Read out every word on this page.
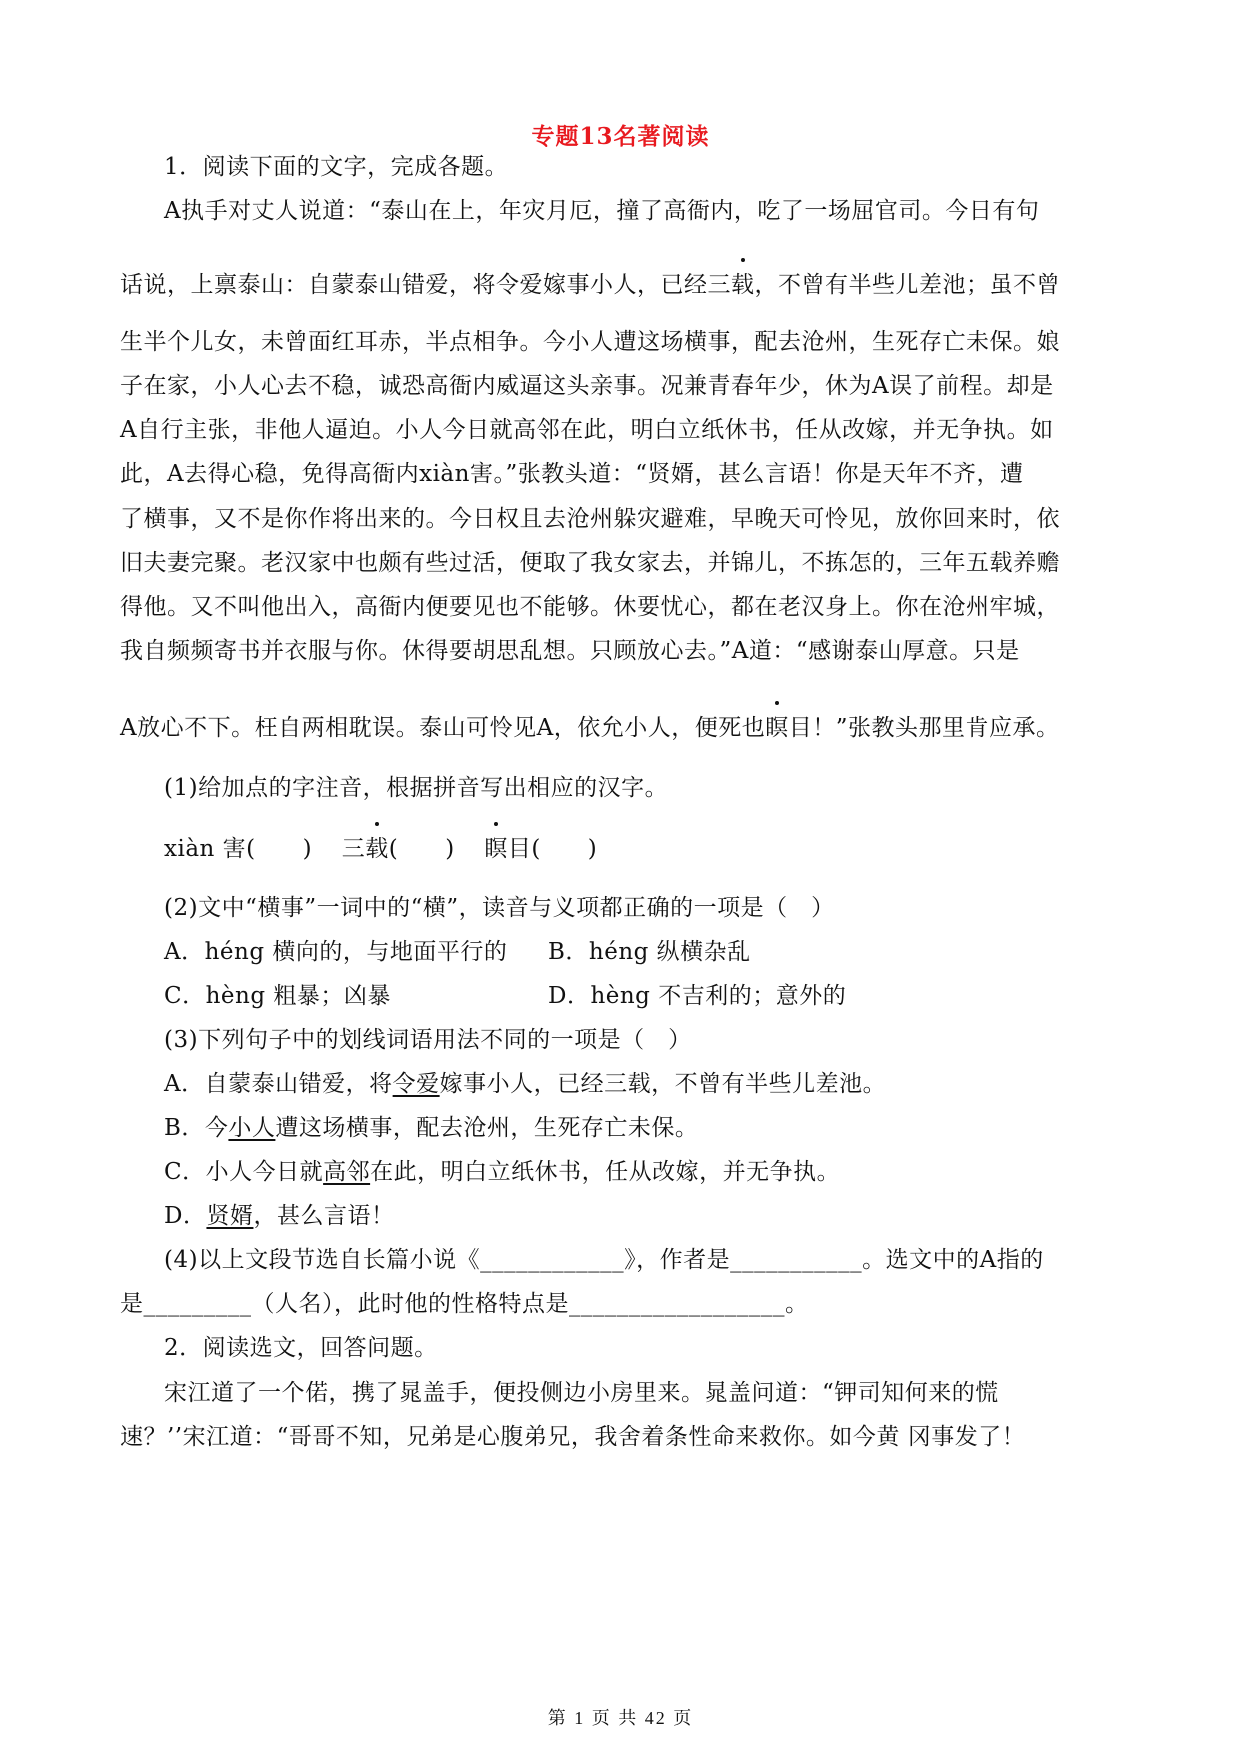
专题13名著阅读
1．阅读下面的文字，完成各题。
A执手对丈人说道：“泰山在上，年灾月厄，撞了高衙内，吃了一场屈官司。今日有句
话说，上禀泰山：自蒙泰山错爱，将令爱嫁事小人，已经三载，不曾有半些儿差池；虽不曾
生半个儿女，未曾面红耳赤，半点相争。今小人遭这场横事，配去沧州，生死存亡未保。娘
子在家，小人心去不稳，诚恐高衙内威逼这头亲事。况兼青春年少，休为A误了前程。却是
A自行主张，非他人逼迫。小人今日就高邻在此，明白立纸休书，任从改嫁，并无争执。如
此，A去得心稳，免得高衙内xiàn害。”张教头道：“贤婿，甚么言语！你是天年不齐，遭
了横事，又不是你作将出来的。今日权且去沧州躲灾避难，早晚天可怜见，放你回来时，依
旧夫妻完聚。老汉家中也颇有些过活，便取了我女家去，并锦儿，不拣怎的，三年五载养赡
得他。又不叫他出入，高衙内便要见也不能够。休要忧心，都在老汉身上。你在沧州牢城，
我自频频寄书并衣服与你。休得要胡思乱想。只顾放心去。”A道：“感谢泰山厚意。只是
A放心不下。枉自两相耽误。泰山可怜见A，依允小人，便死也瞑目！”张教头那里肯应承。
(1)给加点的字注音，根据拼音写出相应的汉字。
xiàn 害(　　) 三载(　　) 瞑目(　　)
(2)文中“横事”一词中的“横”，读音与义项都正确的一项是（　）
A．héng 横向的，与地面平行的 B．héng 纵横杂乱
C．hèng 粗暴；凶暴	D．hèng 不吉利的；意外的
(3)下列句子中的划线词语用法不同的一项是（　）
A．自蒙泰山错爱，将令爱嫁事小人，已经三载，不曾有半些儿差池。
B．今小人遭这场横事，配去沧州，生死存亡未保。
C．小人今日就高邻在此，明白立纸休书，任从改嫁，并无争执。
D．贤婿，甚么言语！
(4)以上文段节选自长篇小说《____________》，作者是___________。选文中的A指的
是_________（人名），此时他的性格特点是__________________。
2．阅读选文，回答问题。
宋江道了一个偌，携了晁盖手，便投侧边小房里来。晁盖问道：“钾司知何来的慌
速？’’宋江道：“哥哥不知，兄弟是心腹弟兄，我舍着条性命来救你。如今黄 冈事发了！
第 1 页 共 42 页
